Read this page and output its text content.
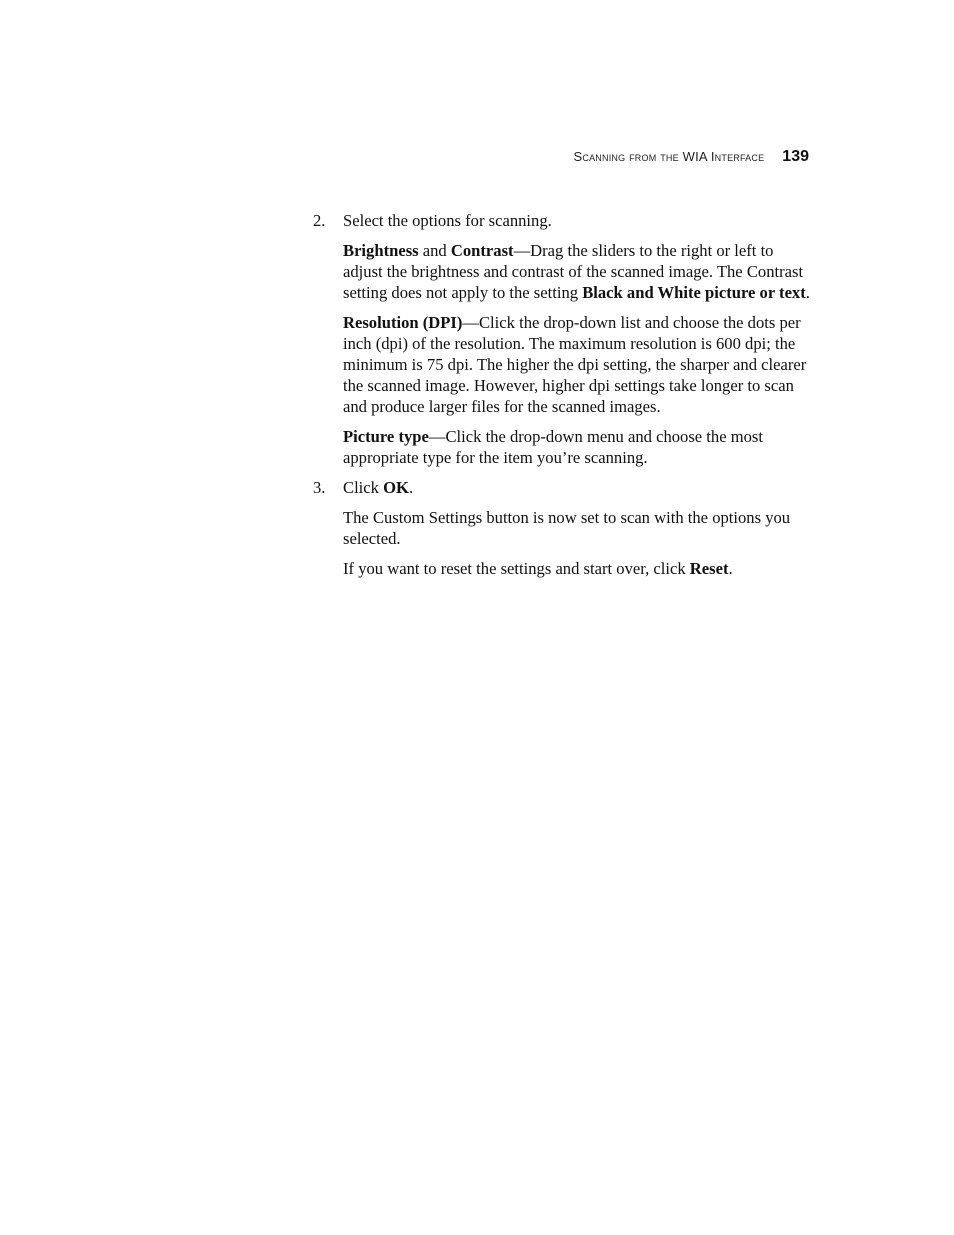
Scanning from the WIA Interface 139
2. Select the options for scanning.

Brightness and Contrast—Drag the sliders to the right or left to adjust the brightness and contrast of the scanned image. The Contrast setting does not apply to the setting Black and White picture or text.

Resolution (DPI)—Click the drop-down list and choose the dots per inch (dpi) of the resolution. The maximum resolution is 600 dpi; the minimum is 75 dpi. The higher the dpi setting, the sharper and clearer the scanned image. However, higher dpi settings take longer to scan and produce larger files for the scanned images.

Picture type—Click the drop-down menu and choose the most appropriate type for the item you’re scanning.

3. Click OK.

The Custom Settings button is now set to scan with the options you selected.

If you want to reset the settings and start over, click Reset.
